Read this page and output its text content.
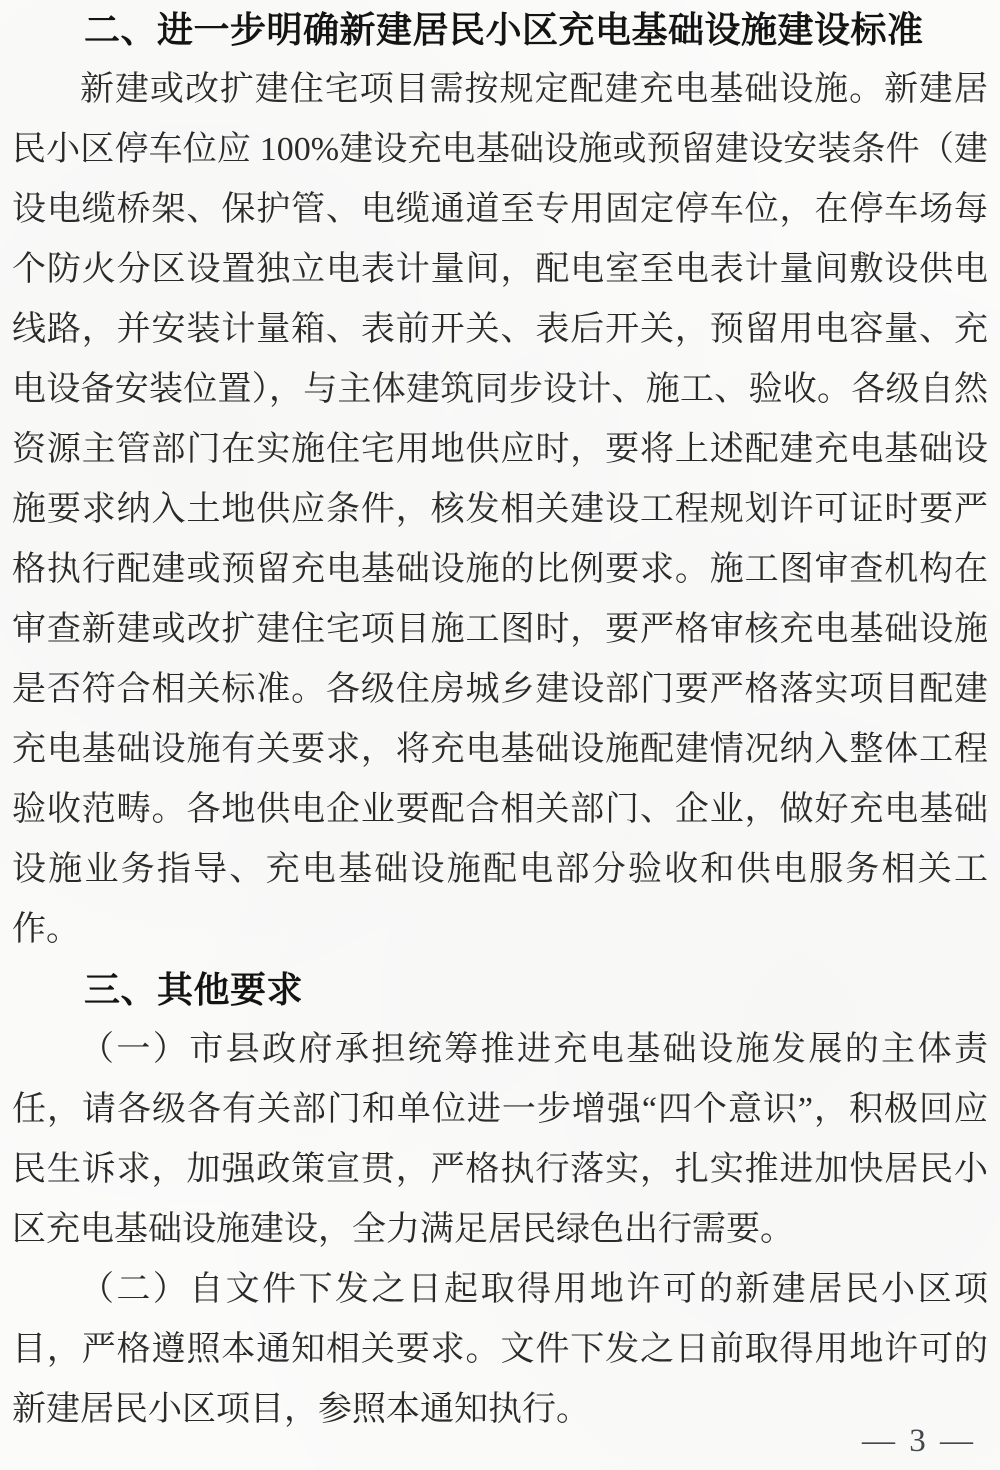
二、进一步明确新建居民小区充电基础设施建设标准

新建或改扩建住宅项目需按规定配建充电基础设施。新建居民小区停车位应 100%建设充电基础设施或预留建设安装条件（建设电缆桥架、保护管、电缆通道至专用固定停车位，在停车场每个防火分区设置独立电表计量间，配电室至电表计量间敷设供电线路，并安装计量箱、表前开关、表后开关，预留用电容量、充电设备安装位置），与主体建筑同步设计、施工、验收。各级自然资源主管部门在实施住宅用地供应时，要将上述配建充电基础设施要求纳入土地供应条件，核发相关建设工程规划许可证时要严格执行配建或预留充电基础设施的比例要求。施工图审查机构在审查新建或改扩建住宅项目施工图时，要严格审核充电基础设施是否符合相关标准。各级住房城乡建设部门要严格落实项目配建充电基础设施有关要求，将充电基础设施配建情况纳入整体工程验收范畴。各地供电企业要配合相关部门、企业，做好充电基础设施业务指导、充电基础设施配电部分验收和供电服务相关工作。

三、其他要求

（一）市县政府承担统筹推进充电基础设施发展的主体责任，请各级各有关部门和单位进一步增强“四个意识”，积极回应民生诉求，加强政策宣贯，严格执行落实，扎实推进加快居民小区充电基础设施建设，全力满足居民绿色出行需要。

（二）自文件下发之日起取得用地许可的新建居民小区项目，严格遵照本通知相关要求。文件下发之日前取得用地许可的新建居民小区项目，参照本通知执行。

— 3 —
